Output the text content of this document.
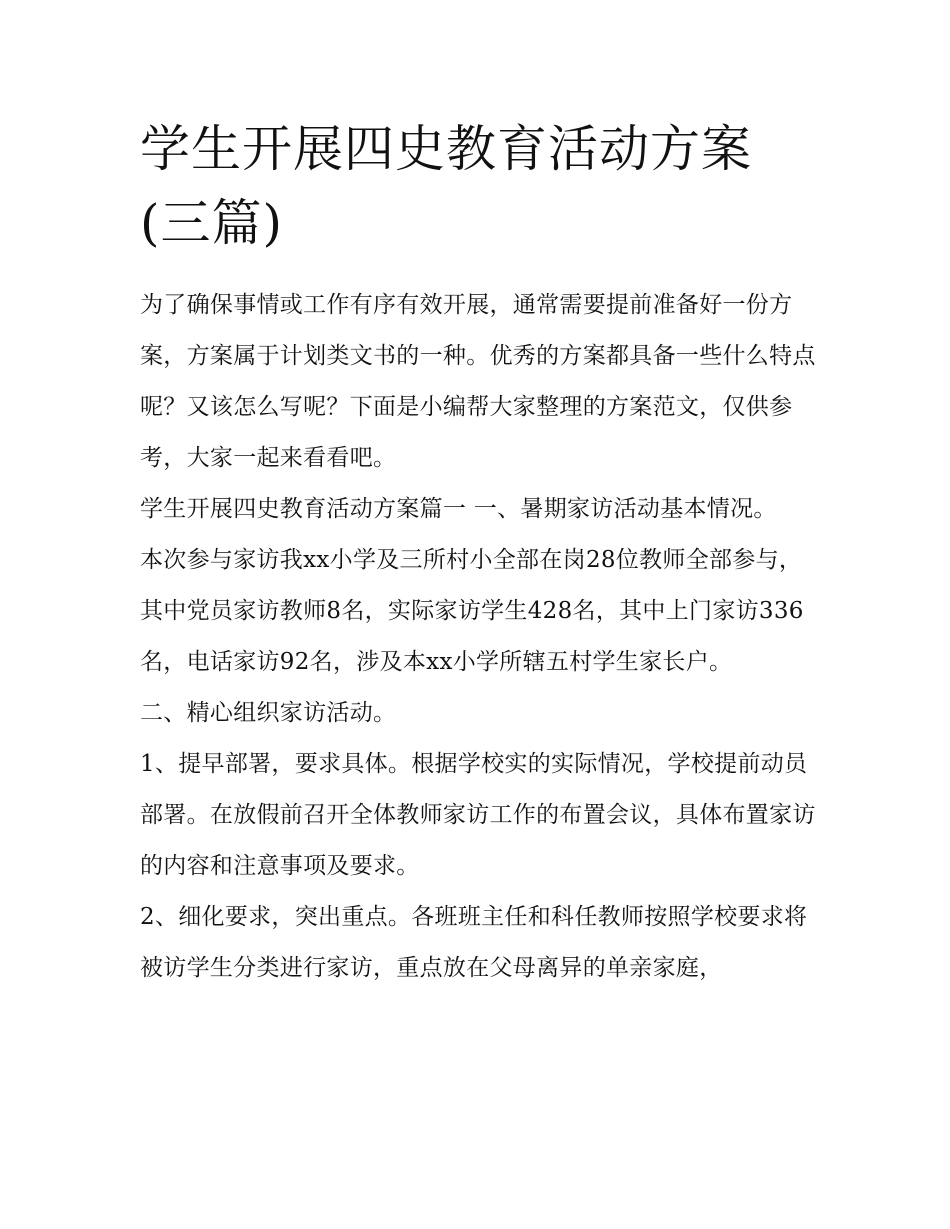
学生开展四史教育活动方案(三篇)

为了确保事情或工作有序有效开展，通常需要提前准备好一份方案，方案属于计划类文书的一种。优秀的方案都具备一些什么特点呢？又该怎么写呢？下面是小编帮大家整理的方案范文，仅供参考，大家一起来看看吧。

学生开展四史教育活动方案篇一 一、暑期家访活动基本情况。

本次参与家访我xx小学及三所村小全部在岗28位教师全部参与，其中党员家访教师8名，实际家访学生428名，其中上门家访336名，电话家访92名，涉及本xx小学所辖五村学生家长户。

二、精心组织家访活动。

1、提早部署，要求具体。根据学校实的实际情况，学校提前动员部署。在放假前召开全体教师家访工作的布置会议，具体布置家访的内容和注意事项及要求。

2、细化要求，突出重点。各班班主任和科任教师按照学校要求将被访学生分类进行家访，重点放在父母离异的单亲家庭，
